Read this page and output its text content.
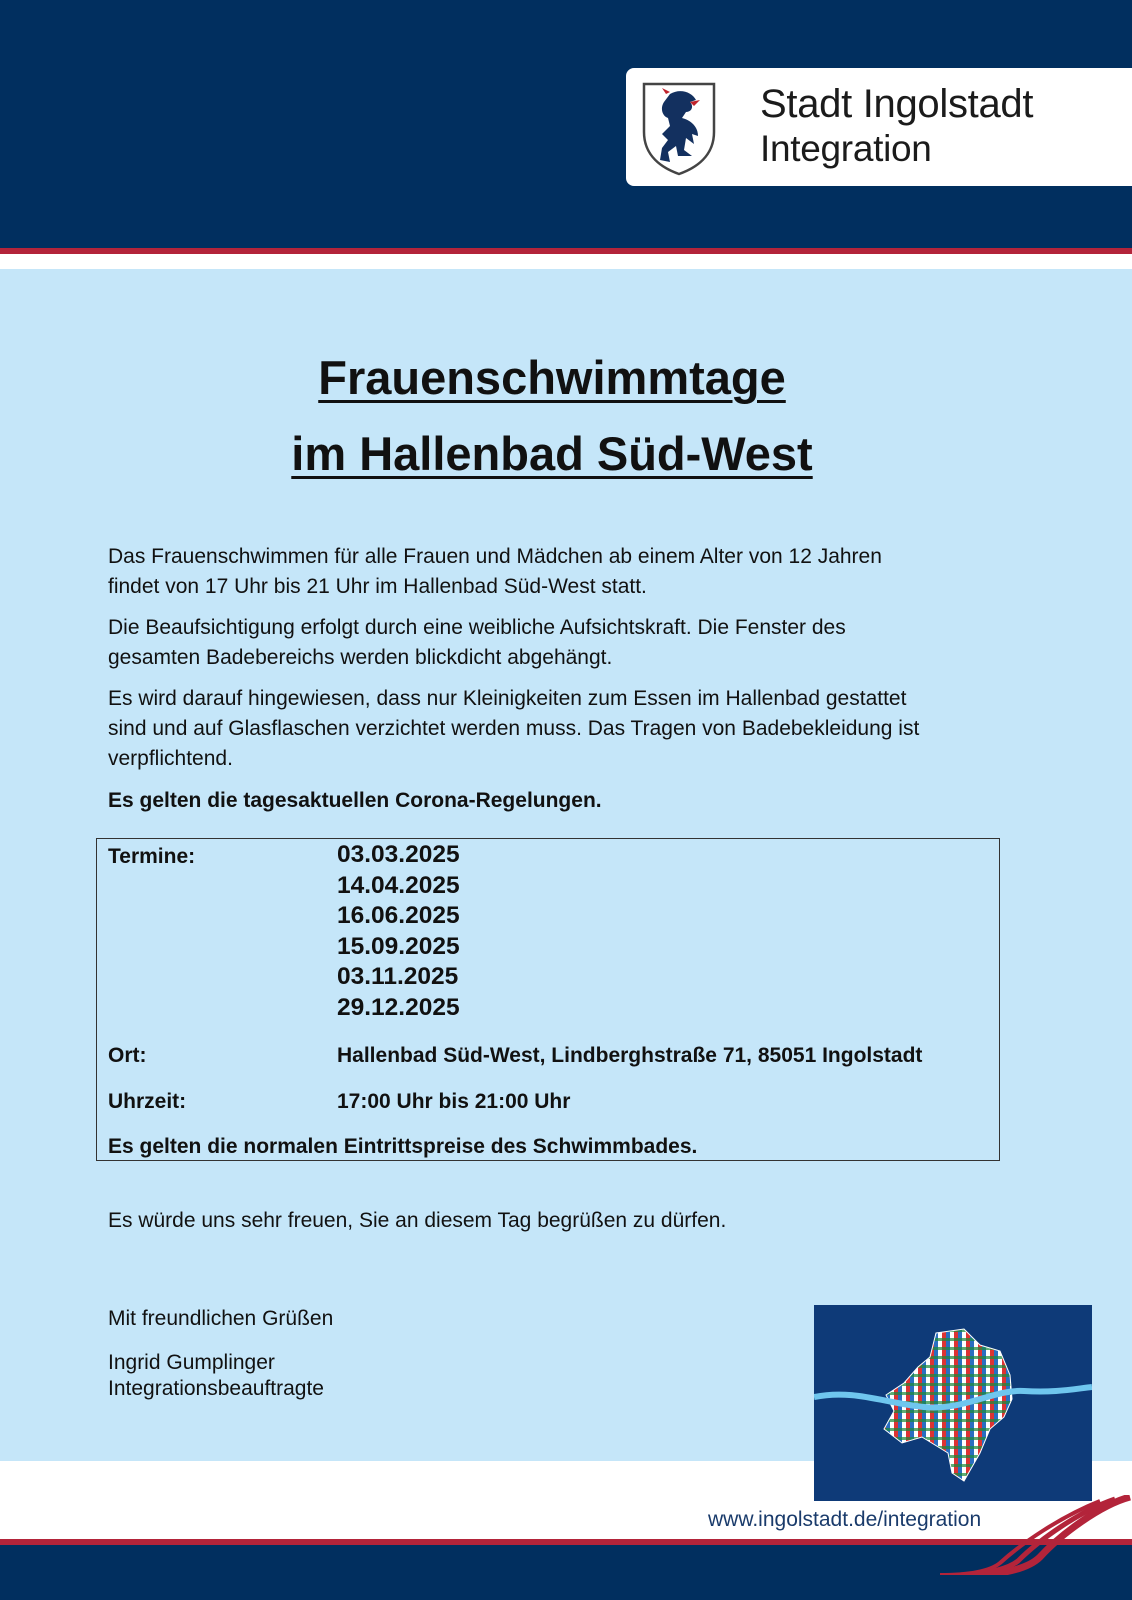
Stadt Ingolstadt
Integration
Frauenschwimmtage
im Hallenbad Süd-West
Das Frauenschwimmen für alle Frauen und Mädchen ab einem Alter von 12 Jahren
findet von 17 Uhr bis 21 Uhr im Hallenbad Süd-West statt.
Die Beaufsichtigung erfolgt durch eine weibliche Aufsichtskraft. Die Fenster des
gesamten Badebereichs werden blickdicht abgehängt.
Es wird darauf hingewiesen, dass nur Kleinigkeiten zum Essen im Hallenbad gestattet
sind und auf Glasflaschen verzichtet werden muss. Das Tragen von Badebekleidung ist
verpflichtend.
Es gelten die tagesaktuellen Corona-Regelungen.
Termine:	03.03.2025
14.04.2025
16.06.2025
15.09.2025
03.11.2025
29.12.2025
Ort:	Hallenbad Süd-West, Lindberghstraße 71, 85051 Ingolstadt
Uhrzeit:	17:00 Uhr bis 21:00 Uhr
Es gelten die normalen Eintrittspreise des Schwimmbades.
Es würde uns sehr freuen, Sie an diesem Tag begrüßen zu dürfen.
Mit freundlichen Grüßen
Ingrid Gumplinger
Integrationsbeauftragte
www.ingolstadt.de/integration
